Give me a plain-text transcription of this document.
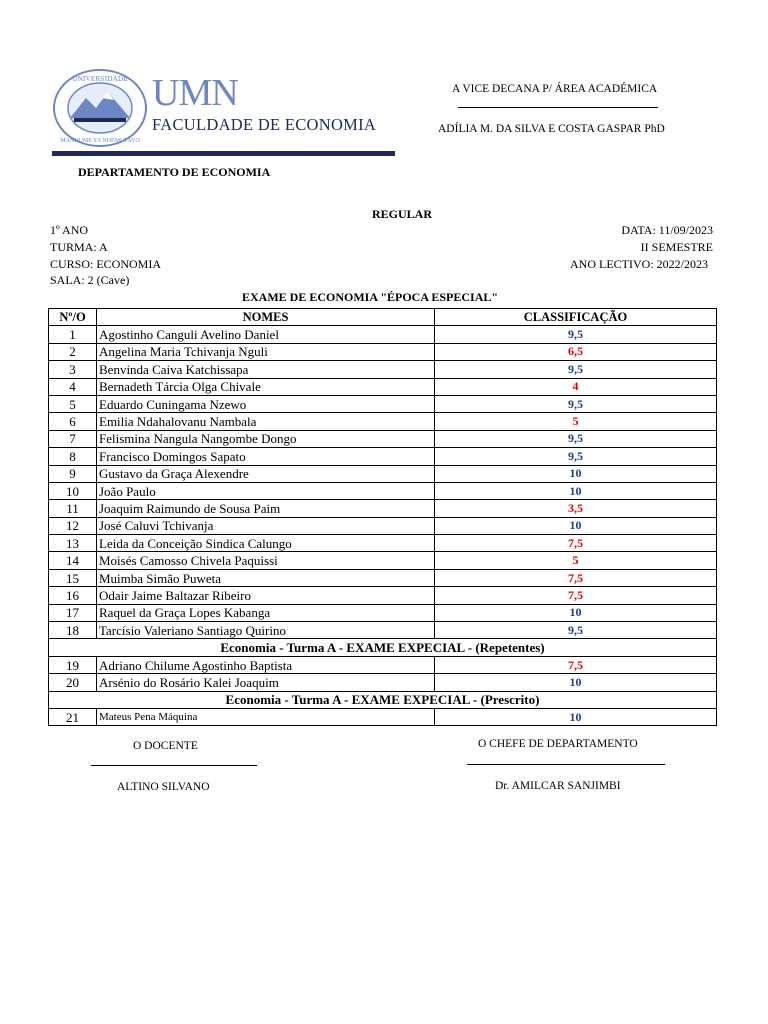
UNIVERSIDADE
MANDUME YA NDEMUFAYO
UMN
FACULDADE DE ECONOMIA
A VICE DECANA P/ ÁREA ACADÉMICA
ADÍLIA M. DA SILVA E COSTA GASPAR PhD
DEPARTAMENTO DE ECONOMIA
REGULAR
1º ANO
TURMA: A
CURSO: ECONOMIA
SALA: 2 (Cave)
DATA: 11/09/2023
II SEMESTRE
ANO LECTIVO: 2022/2023
EXAME DE ECONOMIA "ÉPOCA ESPECIAL"
Nº/O	NOMES	CLASSIFICAÇÃO
1	Agostinho Canguli Avelino Daniel	9,5
2	Angelina Maria Tchivanja Nguli	6,5
3	Benvinda Caiva Katchissapa	9,5
4	Bernadeth Tárcia Olga Chivale	4
5	Eduardo Cuningama Nzewo	9,5
6	Emilia Ndahalovanu Nambala	5
7	Felismina Nangula Nangombe Dongo	9,5
8	Francisco Domingos Sapato	9,5
9	Gustavo da Graça Alexendre	10
10	João Paulo	10
11	Joaquim Raimundo de Sousa Paim	3,5
12	José Caluvi Tchivanja	10
13	Leida da Conceição Sindica Calungo	7,5
14	Moisés Camosso Chivela Paquissi	5
15	Muimba Simão Puweta	7,5
16	Odair Jaime Baltazar Ribeiro	7,5
17	Raquel da Graça Lopes Kabanga	10
18	Tarcísio Valeriano Santiago Quirino	9,5
Economia - Turma A - EXAME EXPECIAL - (Repetentes)		
19	Adriano Chilume Agostinho Baptista	7,5
20	Arsénio do Rosário Kalei Joaquim	10
Economia - Turma A - EXAME EXPECIAL - (Prescrito)		
21	Mateus Pena Máquina	10
O DOCENTE
ALTINO SILVANO
O CHEFE DE DEPARTAMENTO
Dr. AMILCAR SANJIMBI
